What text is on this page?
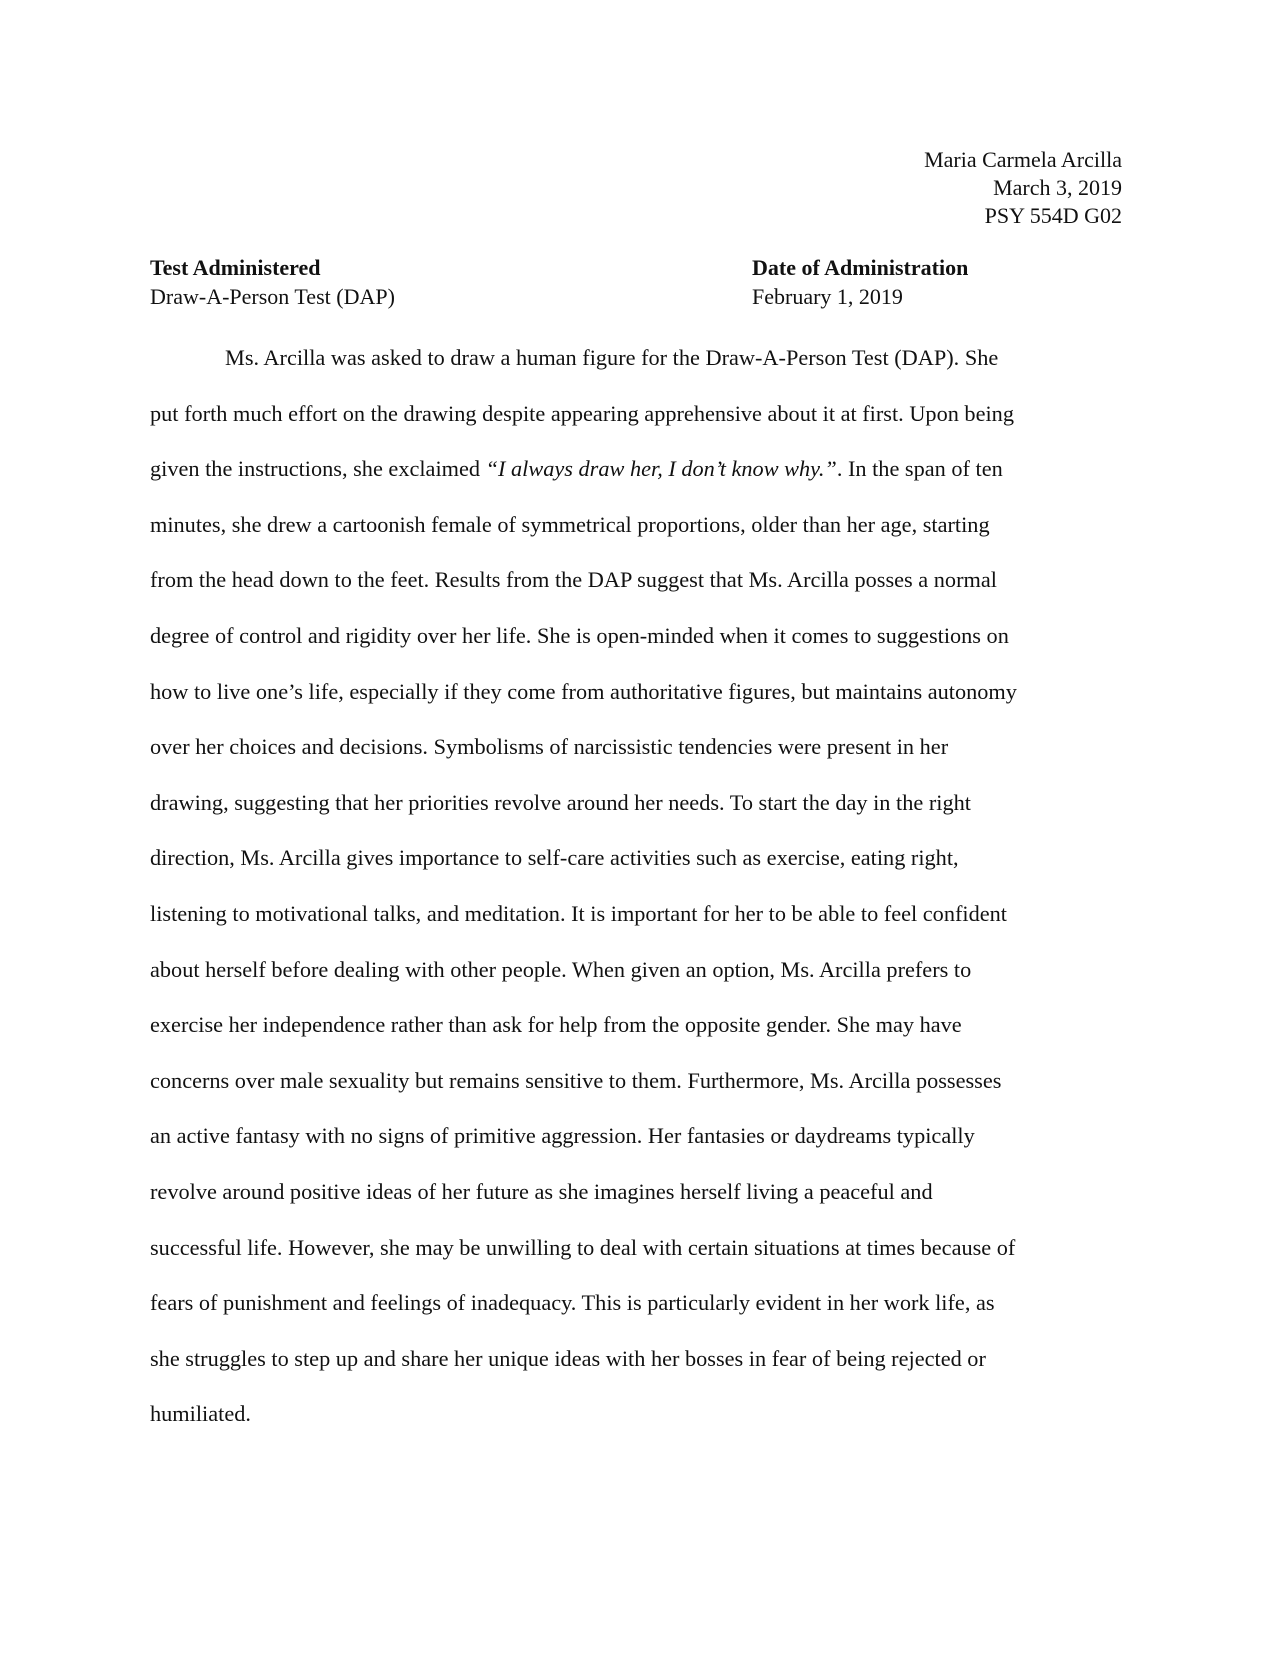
Maria Carmela Arcilla
March 3, 2019
PSY 554D G02
Test Administered
Draw-A-Person Test (DAP)
Date of Administration
February 1, 2019

Ms. Arcilla was asked to draw a human figure for the Draw-A-Person Test (DAP). She
put forth much effort on the drawing despite appearing apprehensive about it at first. Upon being
given the instructions, she exclaimed “I always draw her, I don’t know why.”. In the span of ten
minutes, she drew a cartoonish female of symmetrical proportions, older than her age, starting
from the head down to the feet. Results from the DAP suggest that Ms. Arcilla posses a normal
degree of control and rigidity over her life. She is open-minded when it comes to suggestions on
how to live one’s life, especially if they come from authoritative figures, but maintains autonomy
over her choices and decisions. Symbolisms of narcissistic tendencies were present in her
drawing, suggesting that her priorities revolve around her needs. To start the day in the right
direction, Ms. Arcilla gives importance to self-care activities such as exercise, eating right,
listening to motivational talks, and meditation. It is important for her to be able to feel confident
about herself before dealing with other people. When given an option, Ms. Arcilla prefers to
exercise her independence rather than ask for help from the opposite gender. She may have
concerns over male sexuality but remains sensitive to them. Furthermore, Ms. Arcilla possesses
an active fantasy with no signs of primitive aggression. Her fantasies or daydreams typically
revolve around positive ideas of her future as she imagines herself living a peaceful and
successful life. However, she may be unwilling to deal with certain situations at times because of
fears of punishment and feelings of inadequacy. This is particularly evident in her work life, as
she struggles to step up and share her unique ideas with her bosses in fear of being rejected or
humiliated.
